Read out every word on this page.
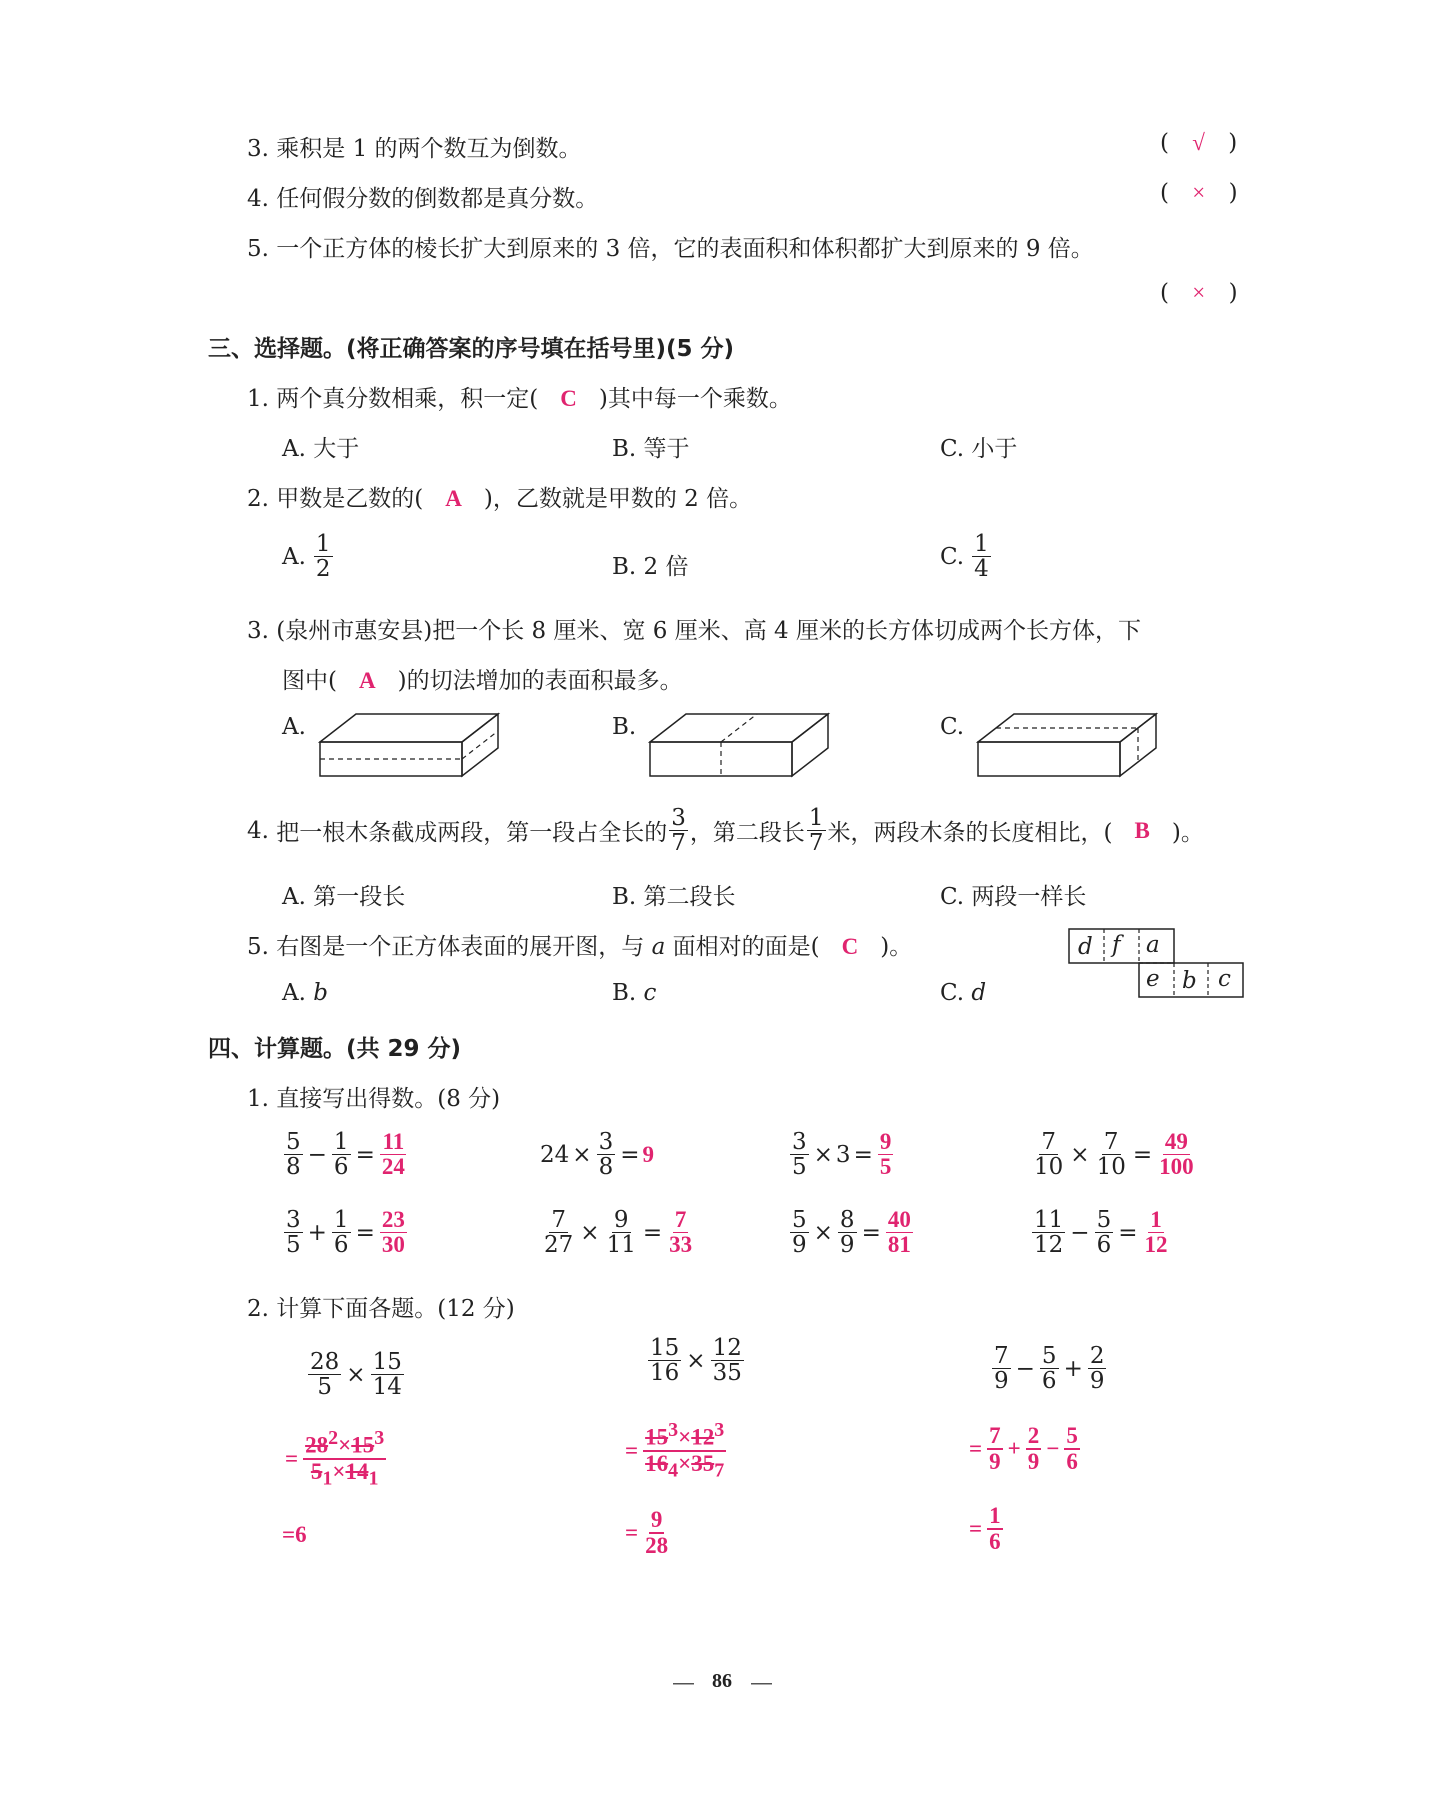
3. 乘积是 1 的两个数互为倒数。	( √ )
4. 任何假分数的倒数都是真分数。	( × )
5. 一个正方体的棱长扩大到原来的 3 倍，它的表面积和体积都扩大到原来的 9 倍。
( × )
三、选择题。(将正确答案的序号填在括号里)(5 分)
1. 两个真分数相乘，积一定( C )其中每一个乘数。
A. 大于	B. 等于	C. 小于
2. 甲数是乙数的( A )，乙数就是甲数的 2 倍。
A. $\frac{1}{2}$	B. 2 倍	C. $\frac{1}{4}$
3. (泉州市惠安县)把一个长 8 厘米、宽 6 厘米、高 4 厘米的长方体切成两个长方体，下
图中( A )的切法增加的表面积最多。
A.	B.	C.
4.
把一根木条截成两段，第一段占全长的 $\frac{3}{7}$ ，第二段长 $\frac{1}{7}$ 米，两段木条的长度相比，( B )。
A. 第一段长	B. 第二段长	C. 两段一样长
5. 右图是一个正方体表面的展开图，与 a 面相对的面是( C )。
A. b	B. c	C. d
d f a
e b c
四、计算题。(共 29 分)
1. 直接写出得数。(8 分)
$\frac{5}{8} - \frac{1}{6} = \frac{11}{24}$	$24 \times \frac{3}{8} = 9$	$\frac{3}{5} \times 3 = \frac{9}{5}$	$\frac{7}{10} \times \frac{7}{10} = \frac{49}{100}$
$\frac{3}{5} + \frac{1}{6} = \frac{23}{30}$	$\frac{7}{27} \times \frac{9}{11} = \frac{7}{33}$	$\frac{5}{9} \times \frac{8}{9} = \frac{40}{81}$	$\frac{11}{12} - \frac{5}{6} = \frac{1}{12}$
2. 计算下面各题。(12 分)
$\frac{28}{5} \times \frac{15}{14}$
= $\frac{28^2\times 15^3}{5_1\times 14_1}$
=6
$\frac{15}{16} \times \frac{12}{35}$
= $\frac{15^3\times 12^3}{16_4\times 35_7}$
= $\frac{9}{28}$
$\frac{7}{9} - \frac{5}{6} + \frac{2}{9}$
= $\frac{7}{9} + \frac{2}{9} - \frac{5}{6}$
= $\frac{1}{6}$
— 86 —
